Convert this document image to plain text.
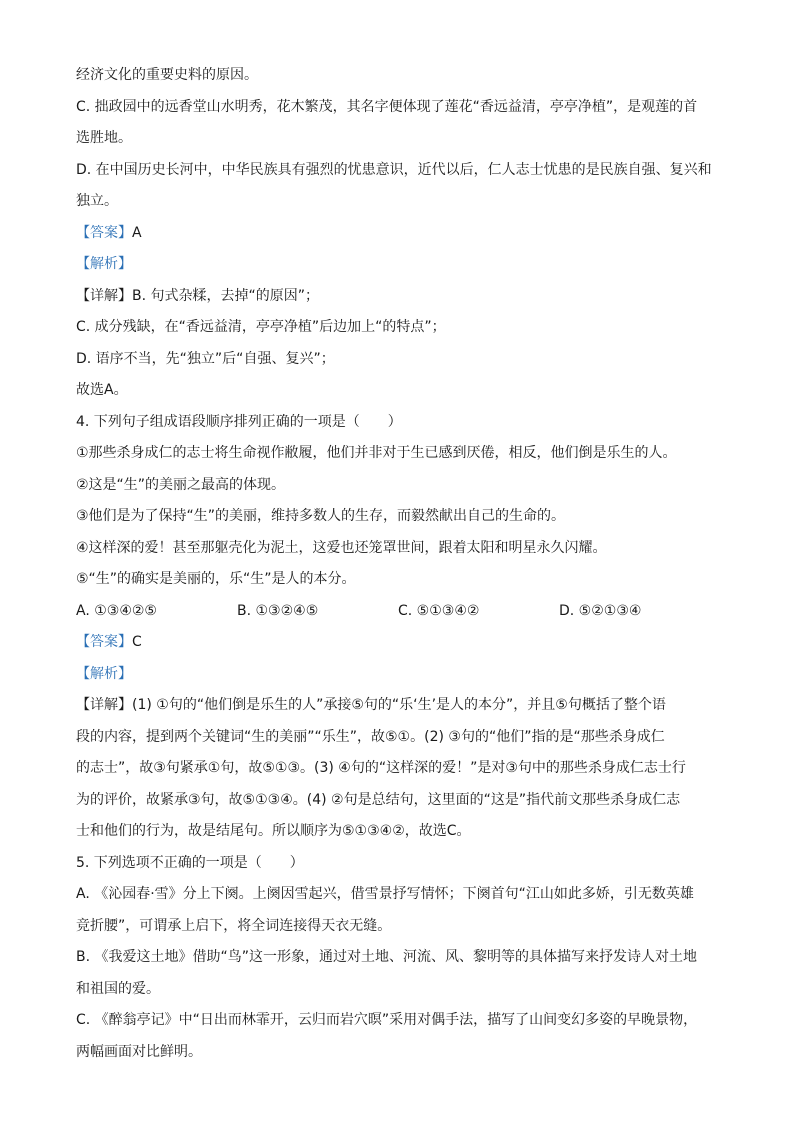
经济文化的重要史料的原因。
C. 拙政园中的远香堂山水明秀，花木繁茂，其名字便体现了莲花“香远益清，亭亭净植”，是观莲的首
选胜地。
D. 在中国历史长河中，中华民族具有强烈的忧患意识，近代以后，仁人志士忧患的是民族自强、复兴和
独立。
【答案】A
【解析】
【详解】B. 句式杂糅，去掉“的原因”；
C. 成分残缺，在“香远益清，亭亭净植”后边加上“的特点”；
D. 语序不当，先“独立”后“自强、复兴”；
故选A。
4. 下列句子组成语段顺序排列正确的一项是（　　）
①那些杀身成仁的志士将生命视作敝履，他们并非对于生已感到厌倦，相反，他们倒是乐生的人。
②这是“生”的美丽之最高的体现。
③他们是为了保持“生”的美丽，维持多数人的生存，而毅然献出自己的生命的。
④这样深的爱！甚至那躯壳化为泥土，这爱也还笼罩世间，跟着太阳和明星永久闪耀。
⑤“生”的确实是美丽的，乐“生”是人的本分。
A. ①③④②⑤	B. ①③②④⑤	C. ⑤①③④②	D. ⑤②①③④
【答案】C
【解析】
【详解】(1) ①句的“他们倒是乐生的人”承接⑤句的“乐‘生’是人的本分”，并且⑤句概括了整个语
段的内容，提到两个关键词“生的美丽”“乐生”，故⑤①。(2) ③句的“他们”指的是“那些杀身成仁
的志士”，故③句紧承①句，故⑤①③。(3) ④句的“这样深的爱！”是对③句中的那些杀身成仁志士行
为的评价，故紧承③句，故⑤①③④。(4) ②句是总结句，这里面的“这是”指代前文那些杀身成仁志
士和他们的行为，故是结尾句。所以顺序为⑤①③④②，故选C。
5. 下列选项不正确的一项是（　　）
A. 《沁园春·雪》分上下阕。上阕因雪起兴，借雪景抒写情怀；下阕首句“江山如此多娇，引无数英雄
竞折腰”，可谓承上启下，将全词连接得天衣无缝。
B. 《我爱这土地》借助“鸟”这一形象，通过对土地、河流、风、黎明等的具体描写来抒发诗人对土地
和祖国的爱。
C. 《醉翁亭记》中“日出而林霏开，云归而岩穴暝”采用对偶手法，描写了山间变幻多姿的早晚景物，
两幅画面对比鲜明。
